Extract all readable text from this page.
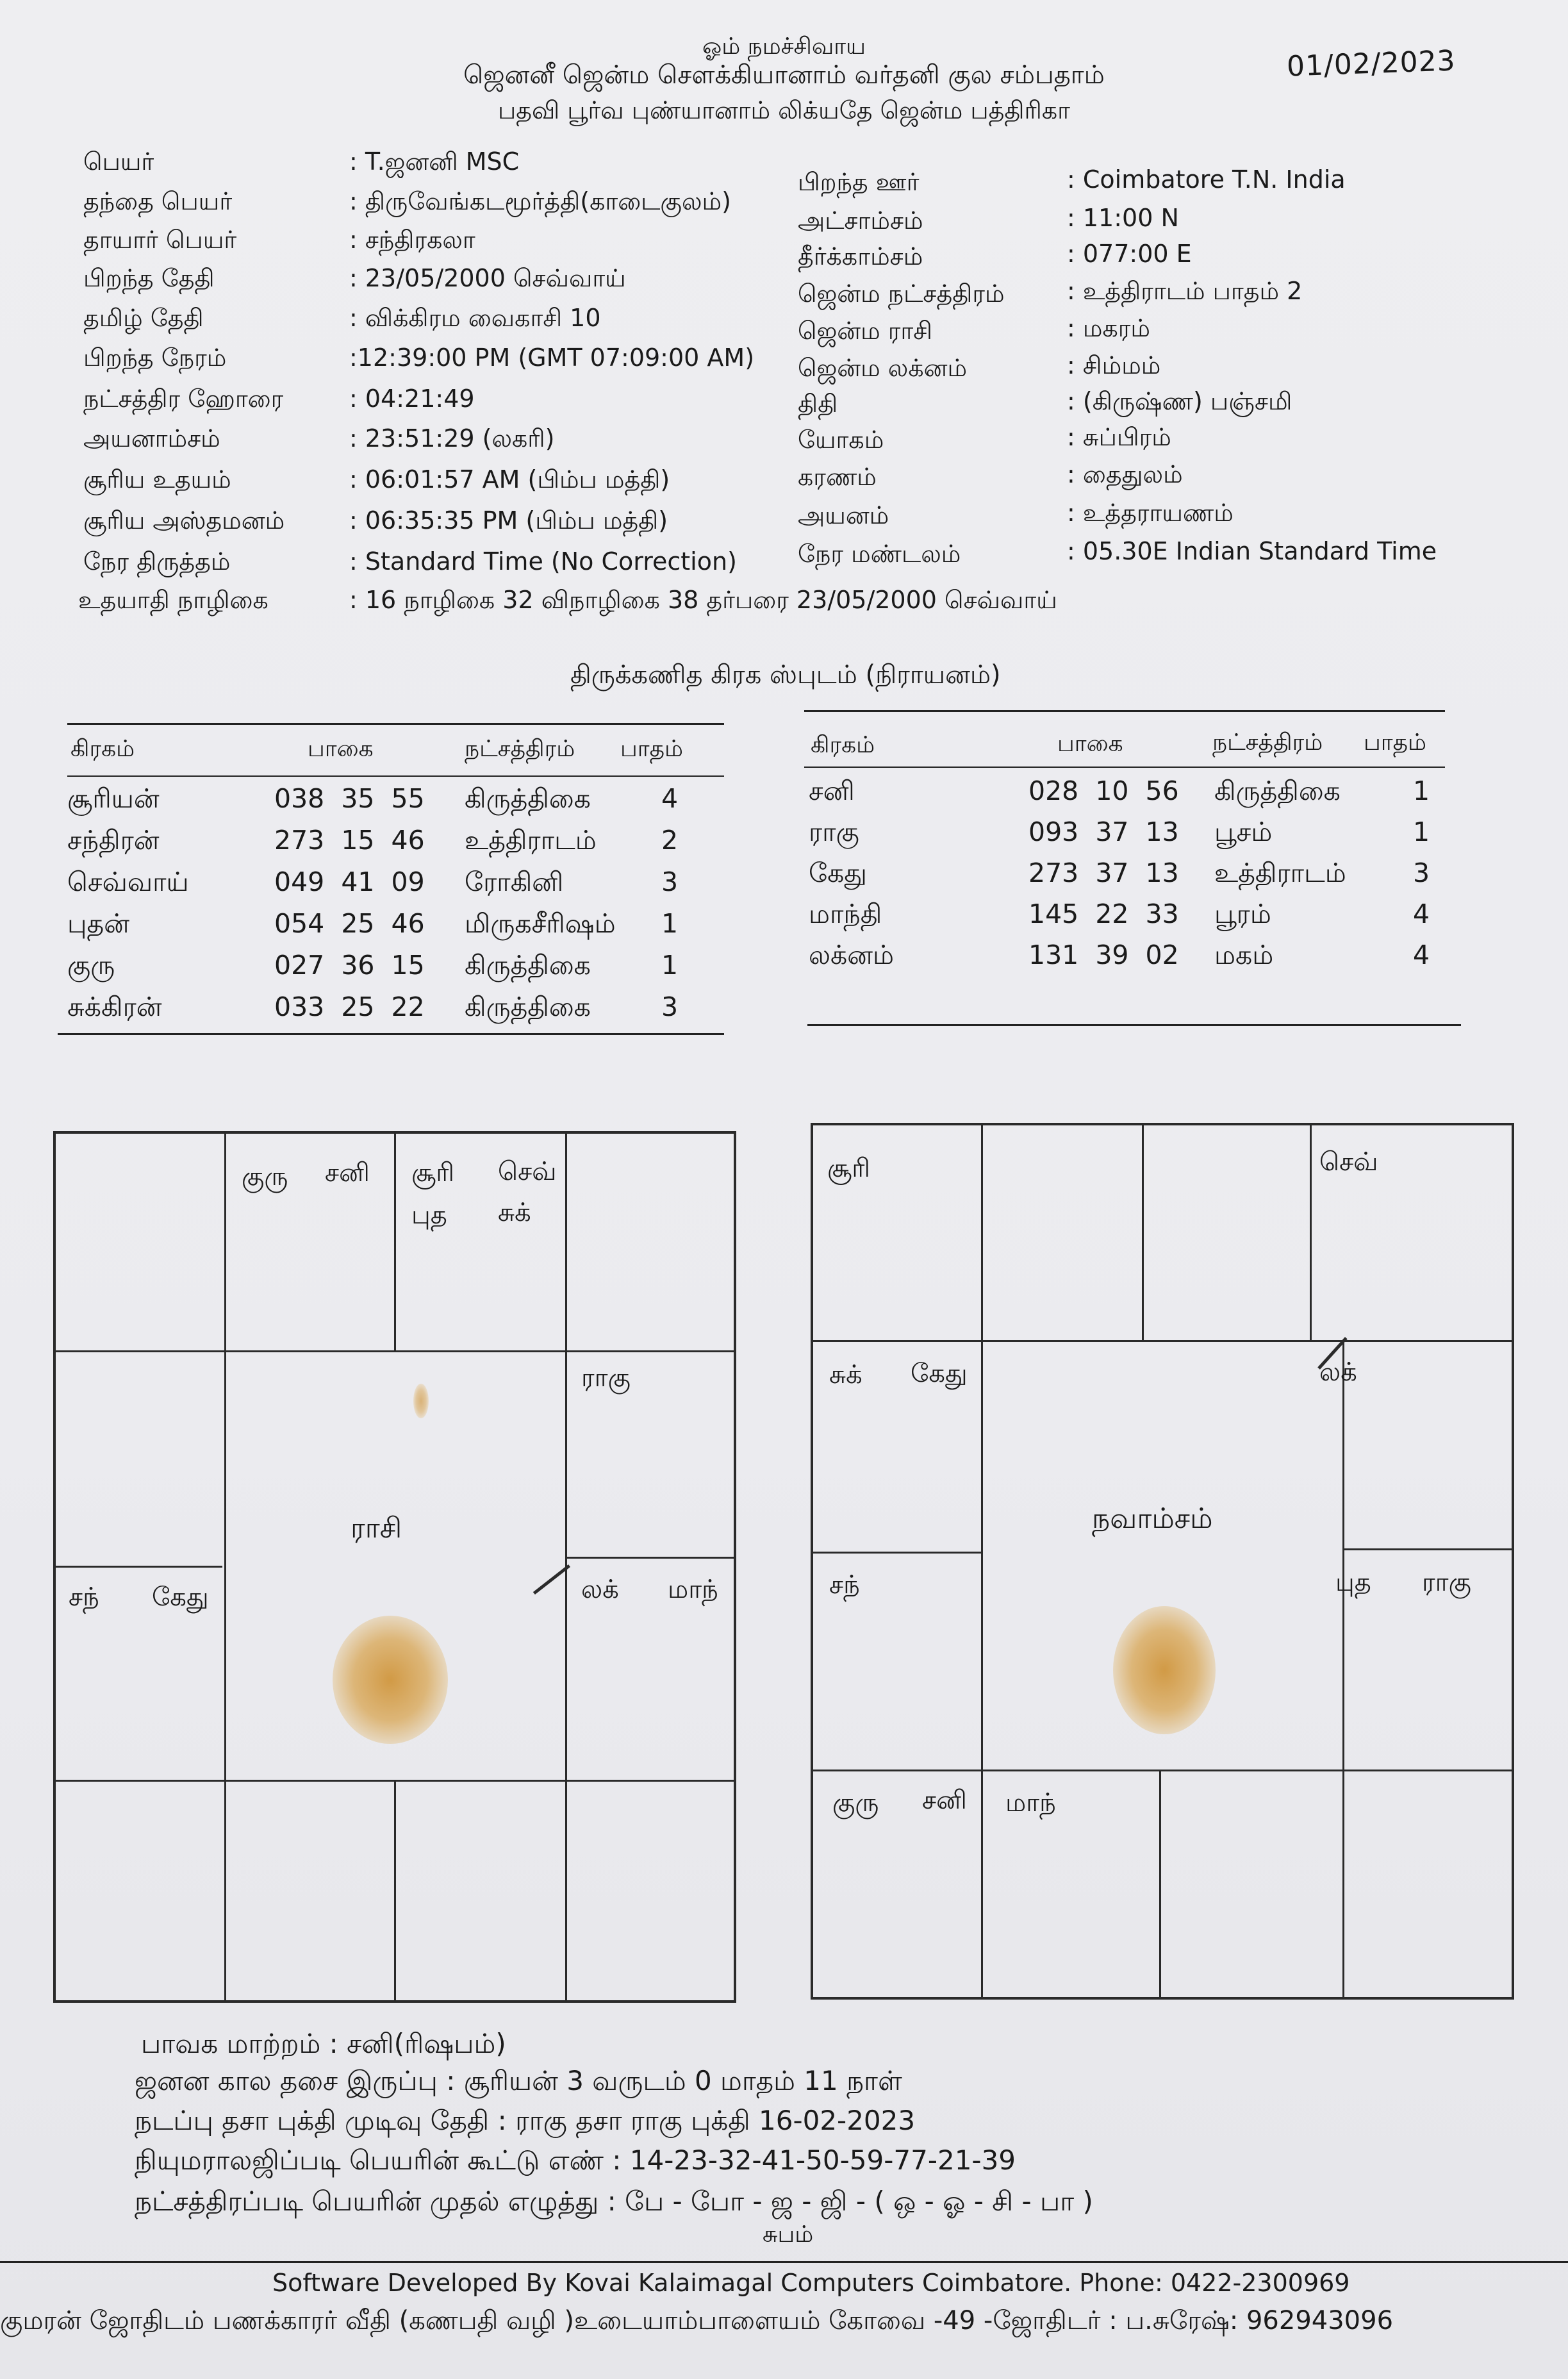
ஓம் நமச்சிவாய
ஜெனனீ ஜென்ம சௌக்கியானாம் வர்தனி குல சம்பதாம்
பதவி பூர்வ புண்யானாம் லிக்யதே ஜென்ம பத்திரிகா
01/02/2023
பெயர்	: T.ஜனனி MSC
தந்தை பெயர்	: திருவேங்கடமூர்த்தி(காடைகுலம்)
தாயார் பெயர்	: சந்திரகலா
பிறந்த தேதி	: 23/05/2000 செவ்வாய்
தமிழ் தேதி	: விக்கிரம வைகாசி 10
பிறந்த நேரம்	:12:39:00 PM (GMT 07:09:00 AM)
நட்சத்திர ஹோரை	: 04:21:49
அயனாம்சம்	: 23:51:29 (லகரி)
சூரிய உதயம்	: 06:01:57 AM (பிம்ப மத்தி)
சூரிய அஸ்தமனம்	: 06:35:35 PM (பிம்ப மத்தி)
நேர திருத்தம்	: Standard Time (No Correction)
உதயாதி நாழிகை	: 16 நாழிகை 32 விநாழிகை 38 தர்பரை 23/05/2000 செவ்வாய்
பிறந்த ஊர்	: Coimbatore T.N. India
அட்சாம்சம்	: 11:00 N
தீர்க்காம்சம்	: 077:00 E
ஜென்ம நட்சத்திரம்	: உத்திராடம் பாதம் 2
ஜென்ம ராசி	: மகரம்
ஜென்ம லக்னம்	: சிம்மம்
திதி	: (கிருஷ்ண) பஞ்சமி
யோகம்	: சுப்பிரம்
கரணம்	: தைதுலம்
அயனம்	: உத்தராயணம்
நேர மண்டலம்	: 05.30E Indian Standard Time
திருக்கணித கிரக ஸ்புடம் (நிராயனம்)
கிரகம்	பாகை	நட்சத்திரம் பாதம்
சூரியன்	038  35  55 கிருத்திகை	4
சந்திரன்	273  15  46 உத்திராடம் 2
செவ்வாய்	049  41  09 ரோகினி	3
புதன்	054  25  46 மிருகசீரிஷம் 1
குரு	027  36  15 கிருத்திகை	1
சுக்கிரன்	033  25  22 கிருத்திகை	3
கிரகம்	பாகை	நட்சத்திரம் பாதம்
சனி	028  10  56 கிருத்திகை	1
ராகு	093  37  13 பூசம்	1
கேது	273  37  13 உத்திராடம்	3
மாந்தி	145  22  33 பூரம்	4
லக்னம்	131  39  02 மகம்	4
குரு சனி சூரி செவ்
புத சுக்
ராகு
லக் மாந்
சந் கேது
ராசி
சூரி	செவ்
லக்
புத ராகு
சுக் கேது
சந்
குரு சனி மாந்
நவாம்சம்
பாவக மாற்றம் : சனி(ரிஷபம்)
ஜனன கால தசை இருப்பு : சூரியன் 3 வருடம் 0 மாதம் 11 நாள்
நடப்பு தசா புக்தி முடிவு தேதி : ராகு தசா ராகு புக்தி 16-02-2023
நியுமராலஜிப்படி பெயரின் கூட்டு எண் : 14-23-32-41-50-59-77-21-39
நட்சத்திரப்படி பெயரின் முதல் எழுத்து : பே - போ - ஜ - ஜி - ( ஒ - ஓ - சி - பா )
சுபம்
Software Developed By Kovai Kalaimagal Computers Coimbatore. Phone: 0422-2300969
குமரன் ஜோதிடம் பணக்காரர் வீதி (கணபதி வழி )உடையாம்பாளையம் கோவை -49 -ஜோதிடர் : ப.சுரேஷ்: 962943096
